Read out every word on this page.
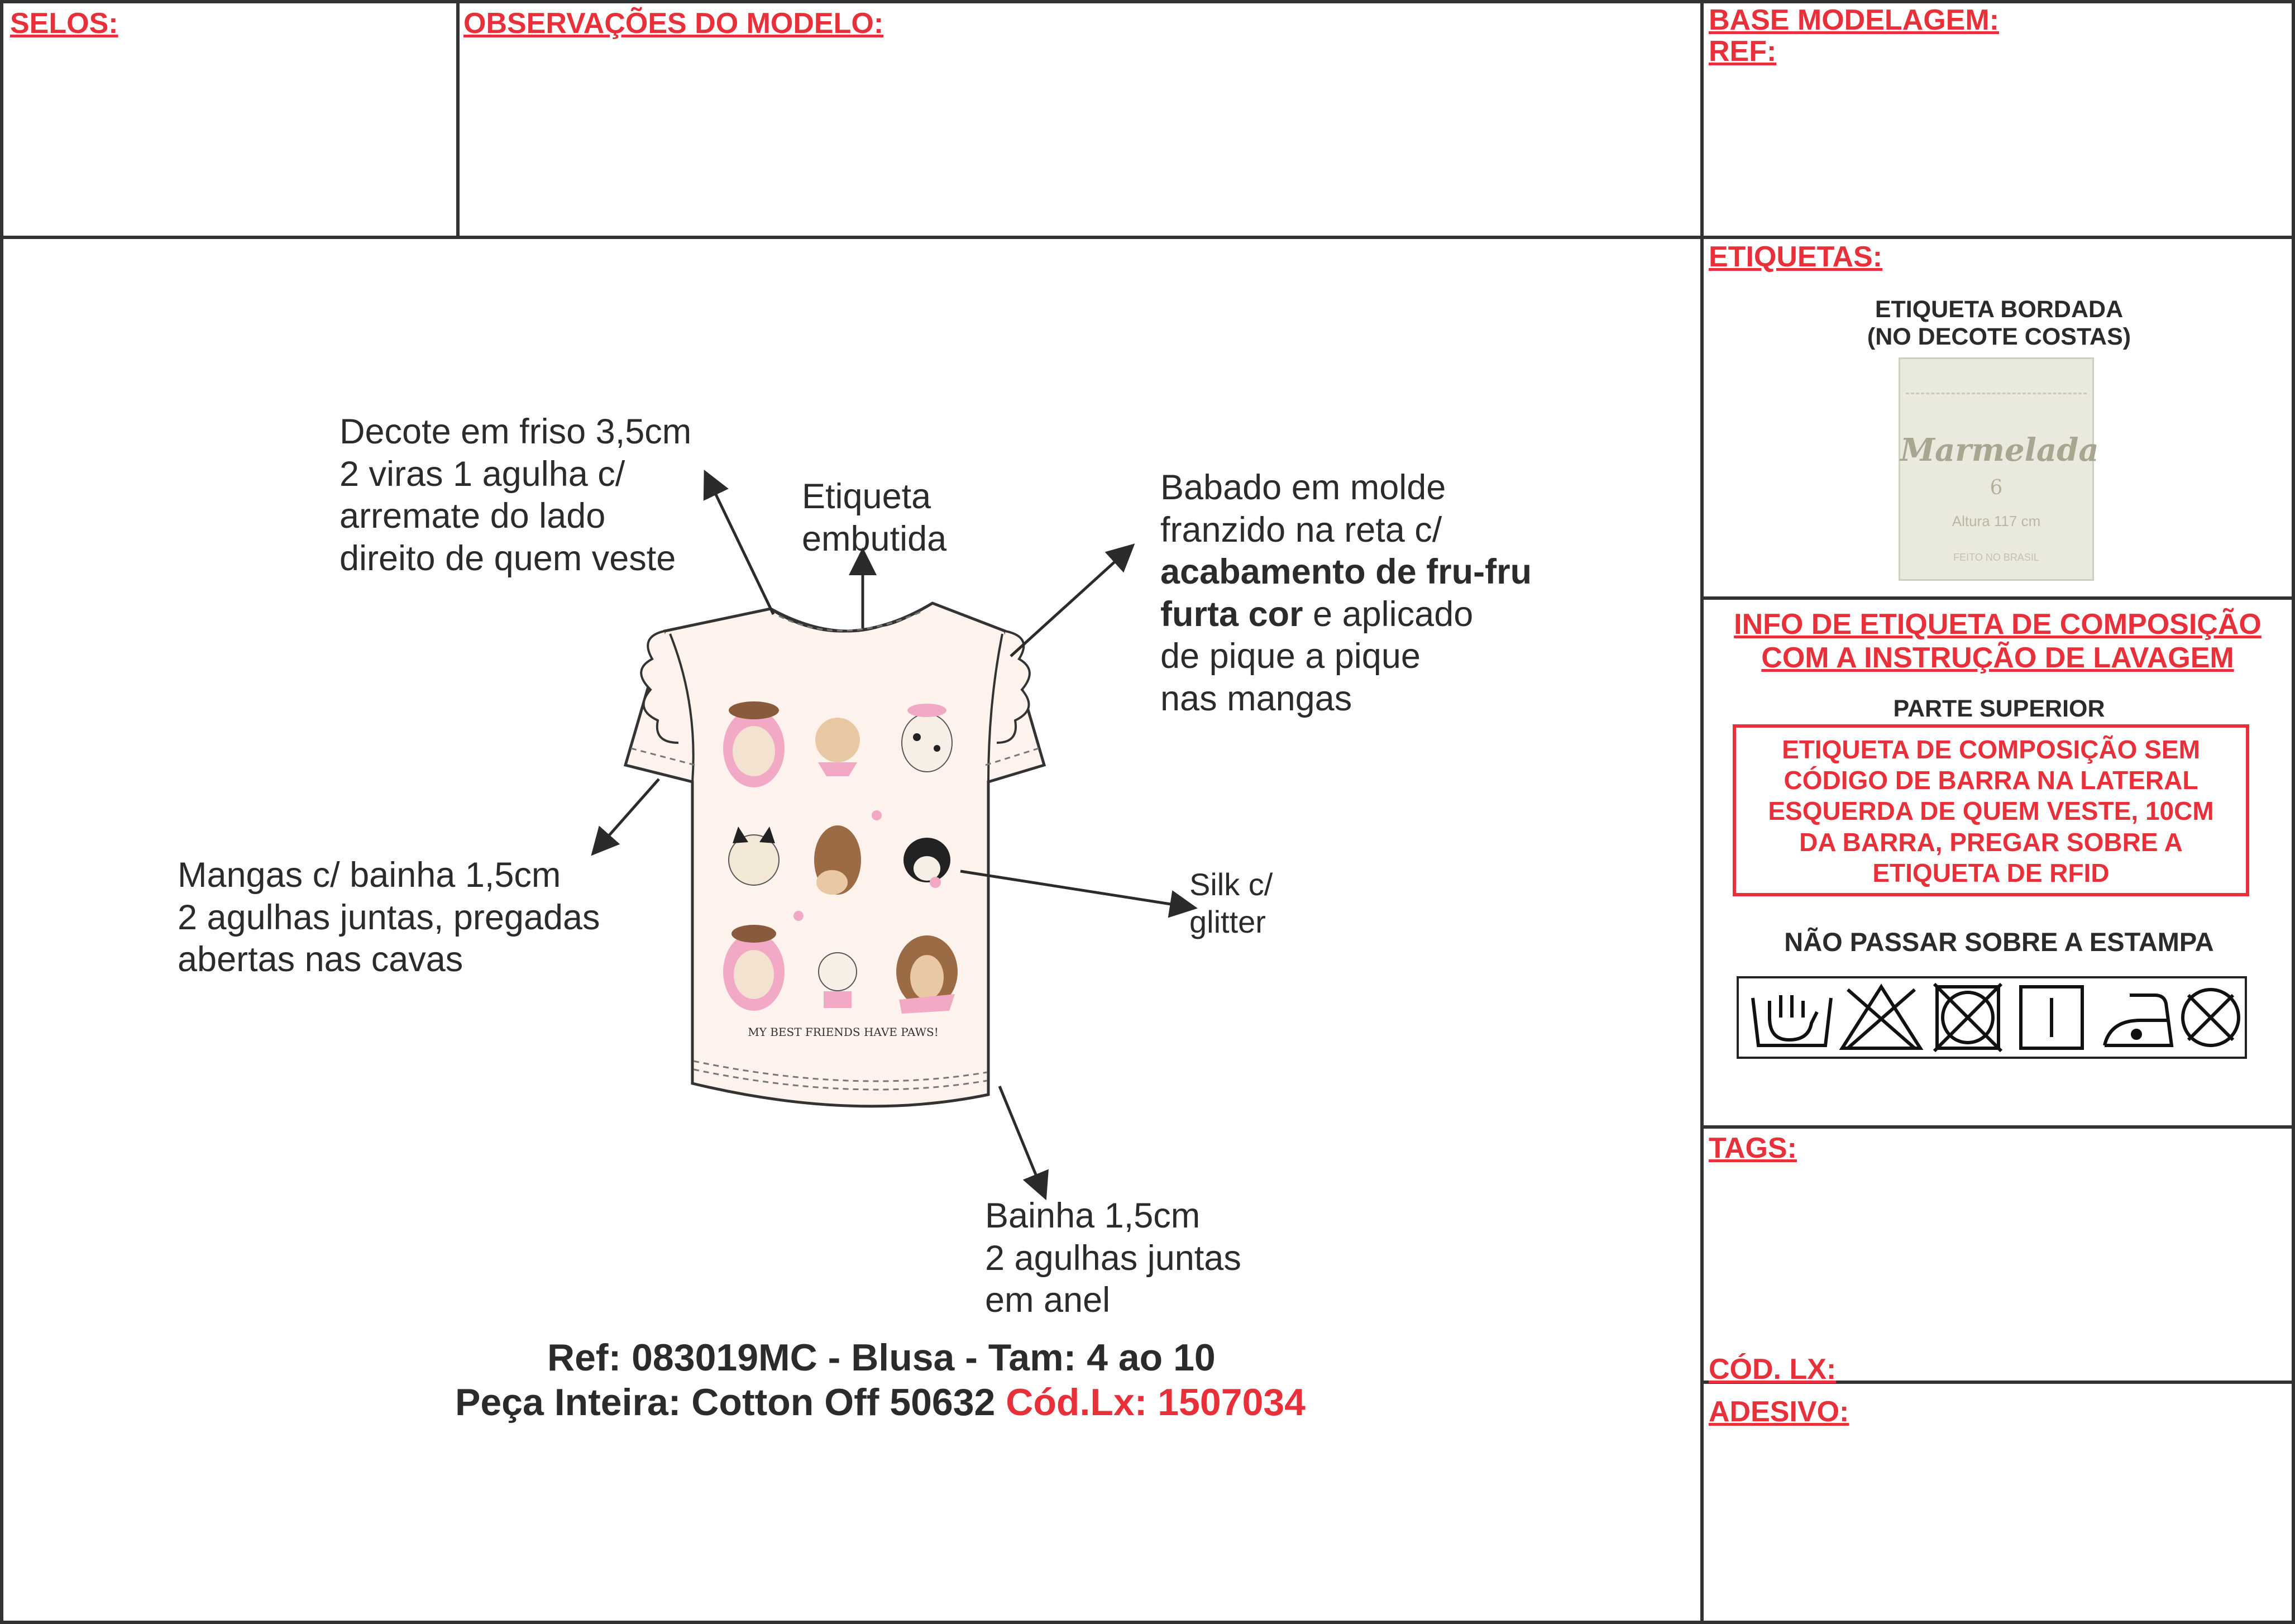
SELOS:	OBSERVAÇÕES DO MODELO:	BASE MODELAGEM:
REF:
ETIQUETAS:
ETIQUETA BORDADA
(NO DECOTE COSTAS)
Marmelada
6
Altura 117 cm
FEITO NO BRASIL
INFO DE ETIQUETA DE COMPOSIÇÃO
COM A INSTRUÇÃO DE LAVAGEM
PARTE SUPERIOR
ETIQUETA DE COMPOSIÇÃO SEM
CÓDIGO DE BARRA NA LATERAL
ESQUERDA DE QUEM VESTE, 10CM
DA BARRA, PREGAR SOBRE A
ETIQUETA DE RFID
NÃO PASSAR SOBRE A ESTAMPA
TAGS:
CÓD. LX:
ADESIVO:
MY BEST FRIENDS HAVE PAWS!
Decote em friso 3,5cm
2 viras 1 agulha c/
arremate do lado
direito de quem veste
Etiqueta
embutida
Babado em molde
franzido na reta c/
acabamento de fru-fru
furta cor e aplicado
de pique a pique
nas mangas
Mangas c/ bainha 1,5cm
2 agulhas juntas, pregadas
abertas nas cavas
Silk c/
glitter
Bainha 1,5cm
2 agulhas juntas
em anel
Ref: 083019MC - Blusa - Tam: 4 ao 10
Peça Inteira: Cotton Off 50632 Cód.Lx: 1507034
